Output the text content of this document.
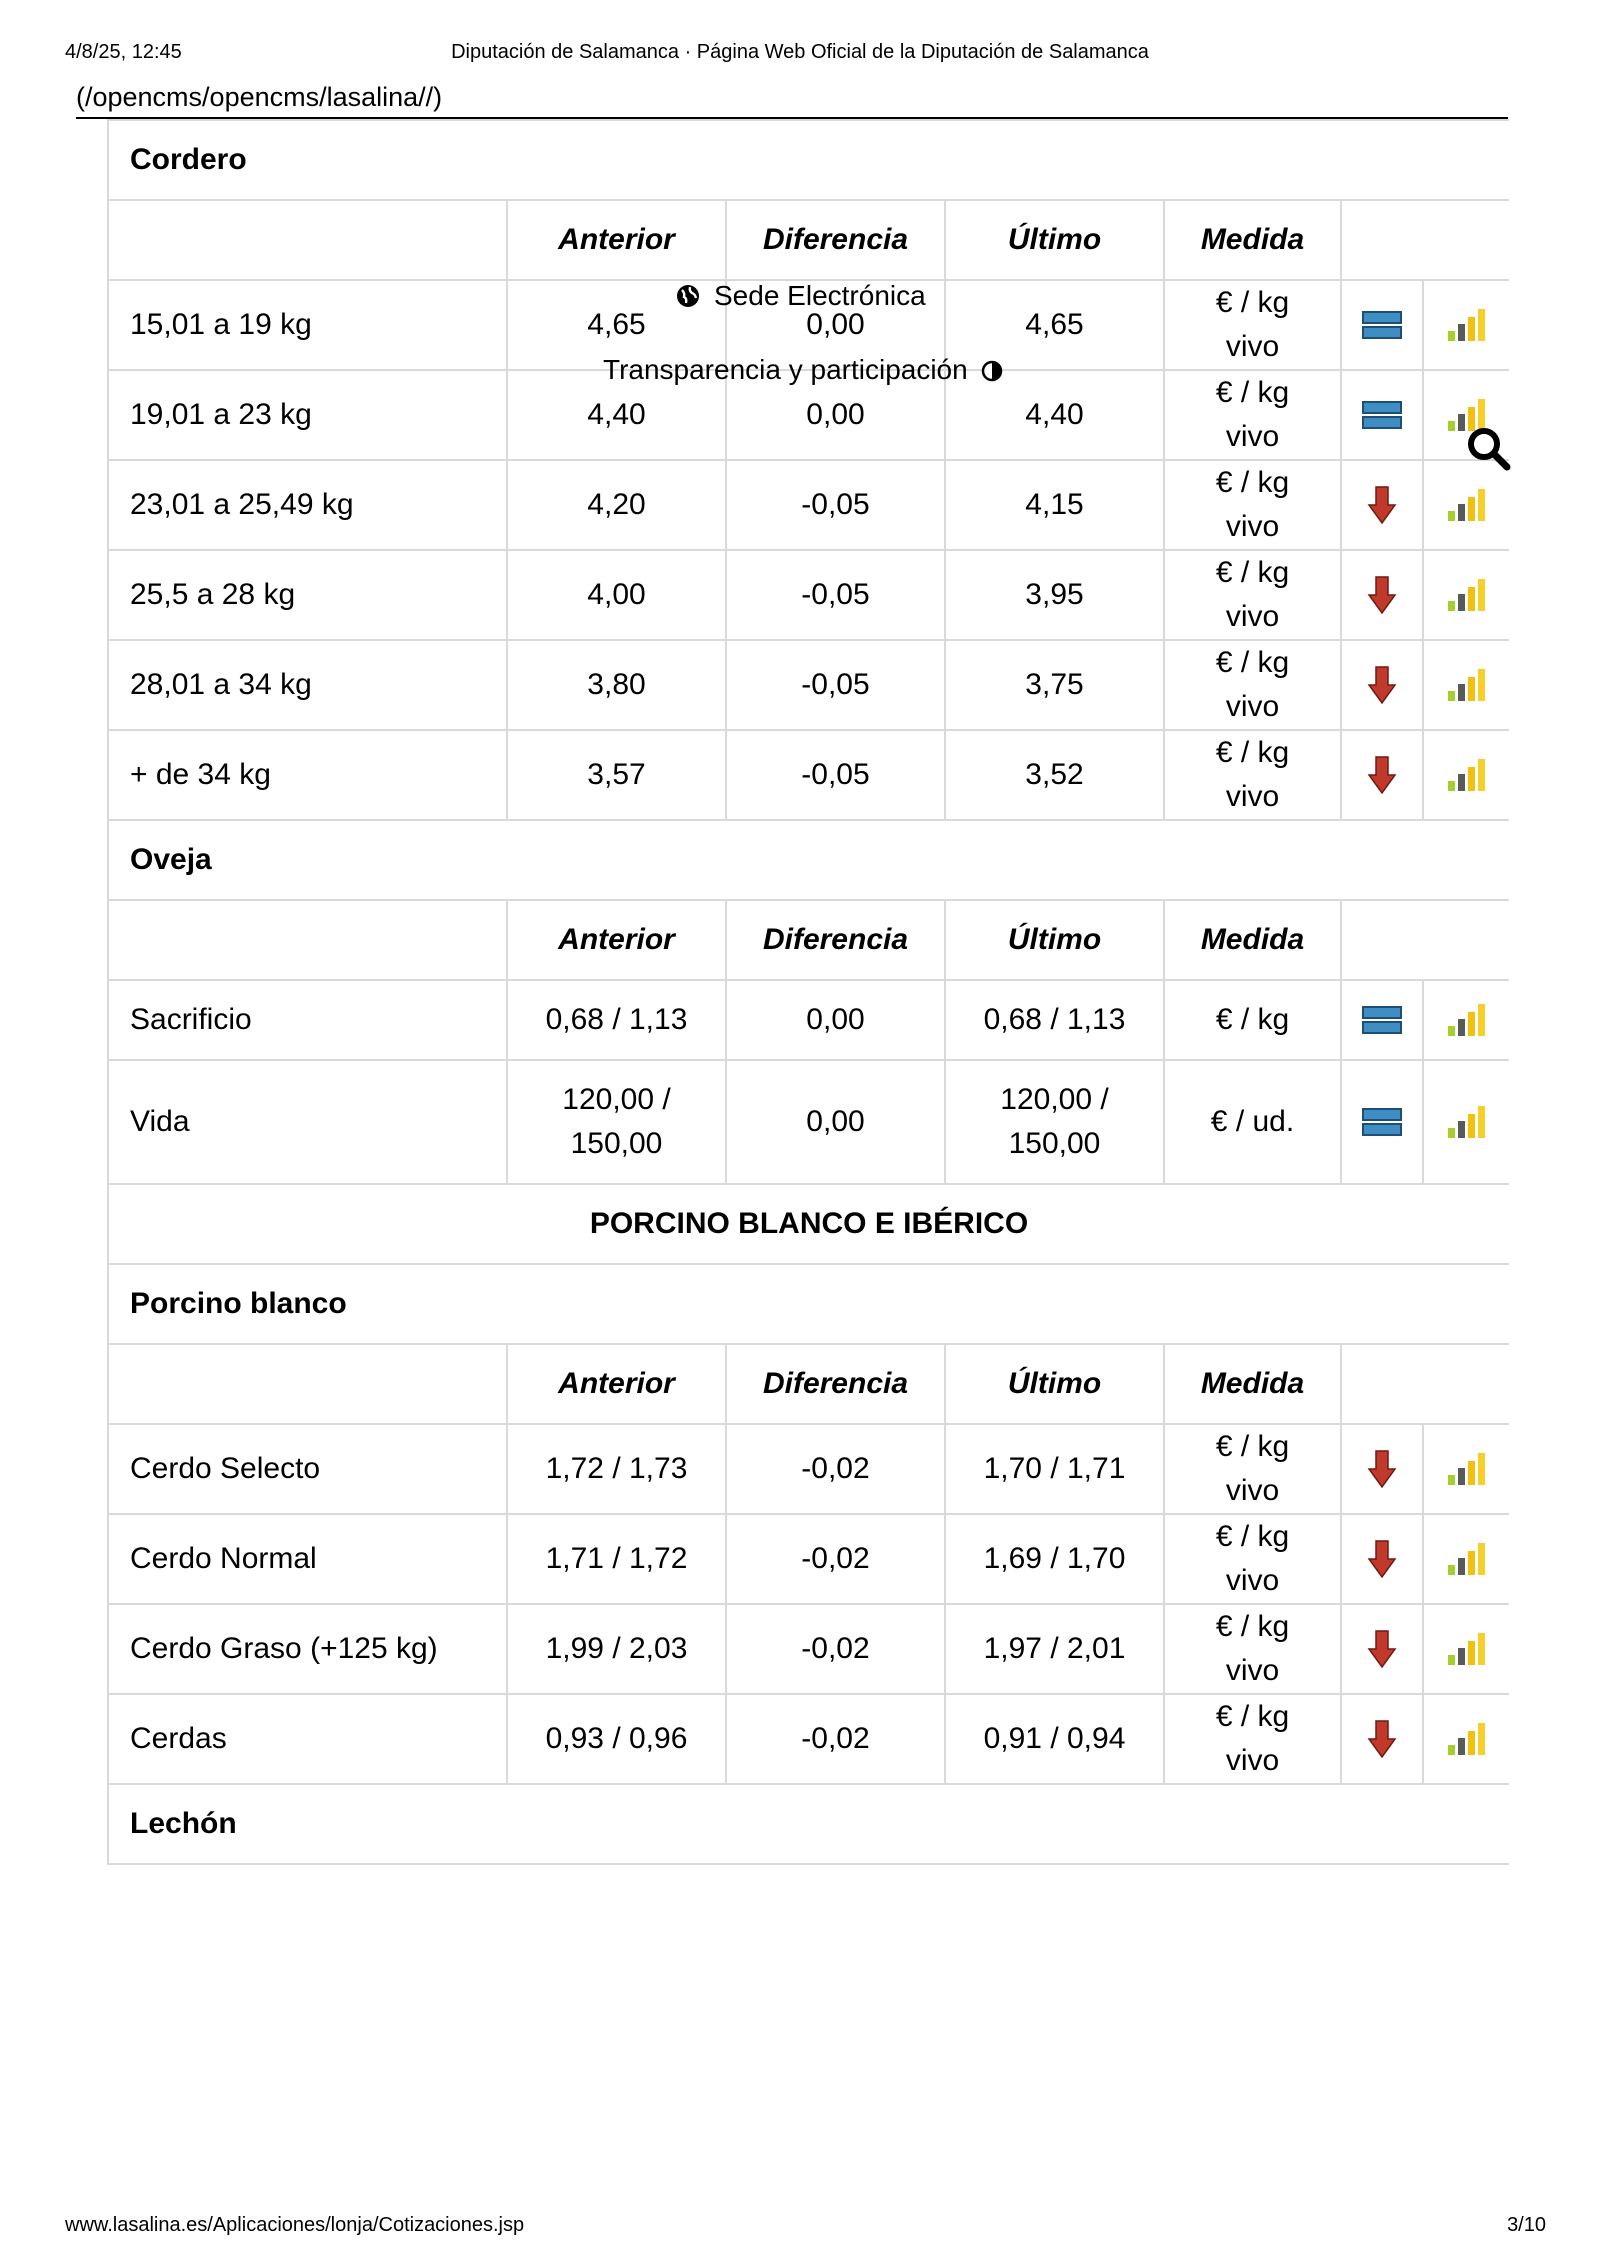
4/8/25, 12:45	Diputación de Salamanca · Página Web Oficial de la Diputación de Salamanca
(/opencms/opencms/lasalina//)
Cordero						
	Anterior	Diferencia	Último	Medida		
15,01 a 19 kg	4,65	0,00	4,65	€ / kg vivo	

19,01 a 23 kg	4,40	0,00	4,40	€ / kg vivo	

23,01 a 25,49 kg	4,20	-0,05	4,15	€ / kg vivo	

25,5 a 28 kg	4,00	-0,05	3,95	€ / kg vivo	

28,01 a 34 kg	3,80	-0,05	3,75	€ / kg vivo	

+ de 34 kg	3,57	-0,05	3,52	€ / kg vivo	

Oveja						
	Anterior	Diferencia	Último	Medida		
Sacrificio	0,68 / 1,13	0,00	0,68 / 1,13	€ / kg	

Vida	120,00 / 150,00	0,00	120,00 / 150,00	€ / ud.	

PORCINO BLANCO E IBÉRICO						
Porcino blanco						
	Anterior	Diferencia	Último	Medida		
Cerdo Selecto	1,72 / 1,73	-0,02	1,70 / 1,71	€ / kg vivo	

Cerdo Normal	1,71 / 1,72	-0,02	1,69 / 1,70	€ / kg vivo	

Cerdo Graso (+125 kg)	1,99 / 2,03	-0,02	1,97 / 2,01	€ / kg vivo	

Cerdas	0,93 / 0,96	-0,02	0,91 / 0,94	€ / kg vivo	

Lechón						
Sede Electrónica
Transparencia y participación
www.lasalina.es/Aplicaciones/lonja/Cotizaciones.jsp	3/10
